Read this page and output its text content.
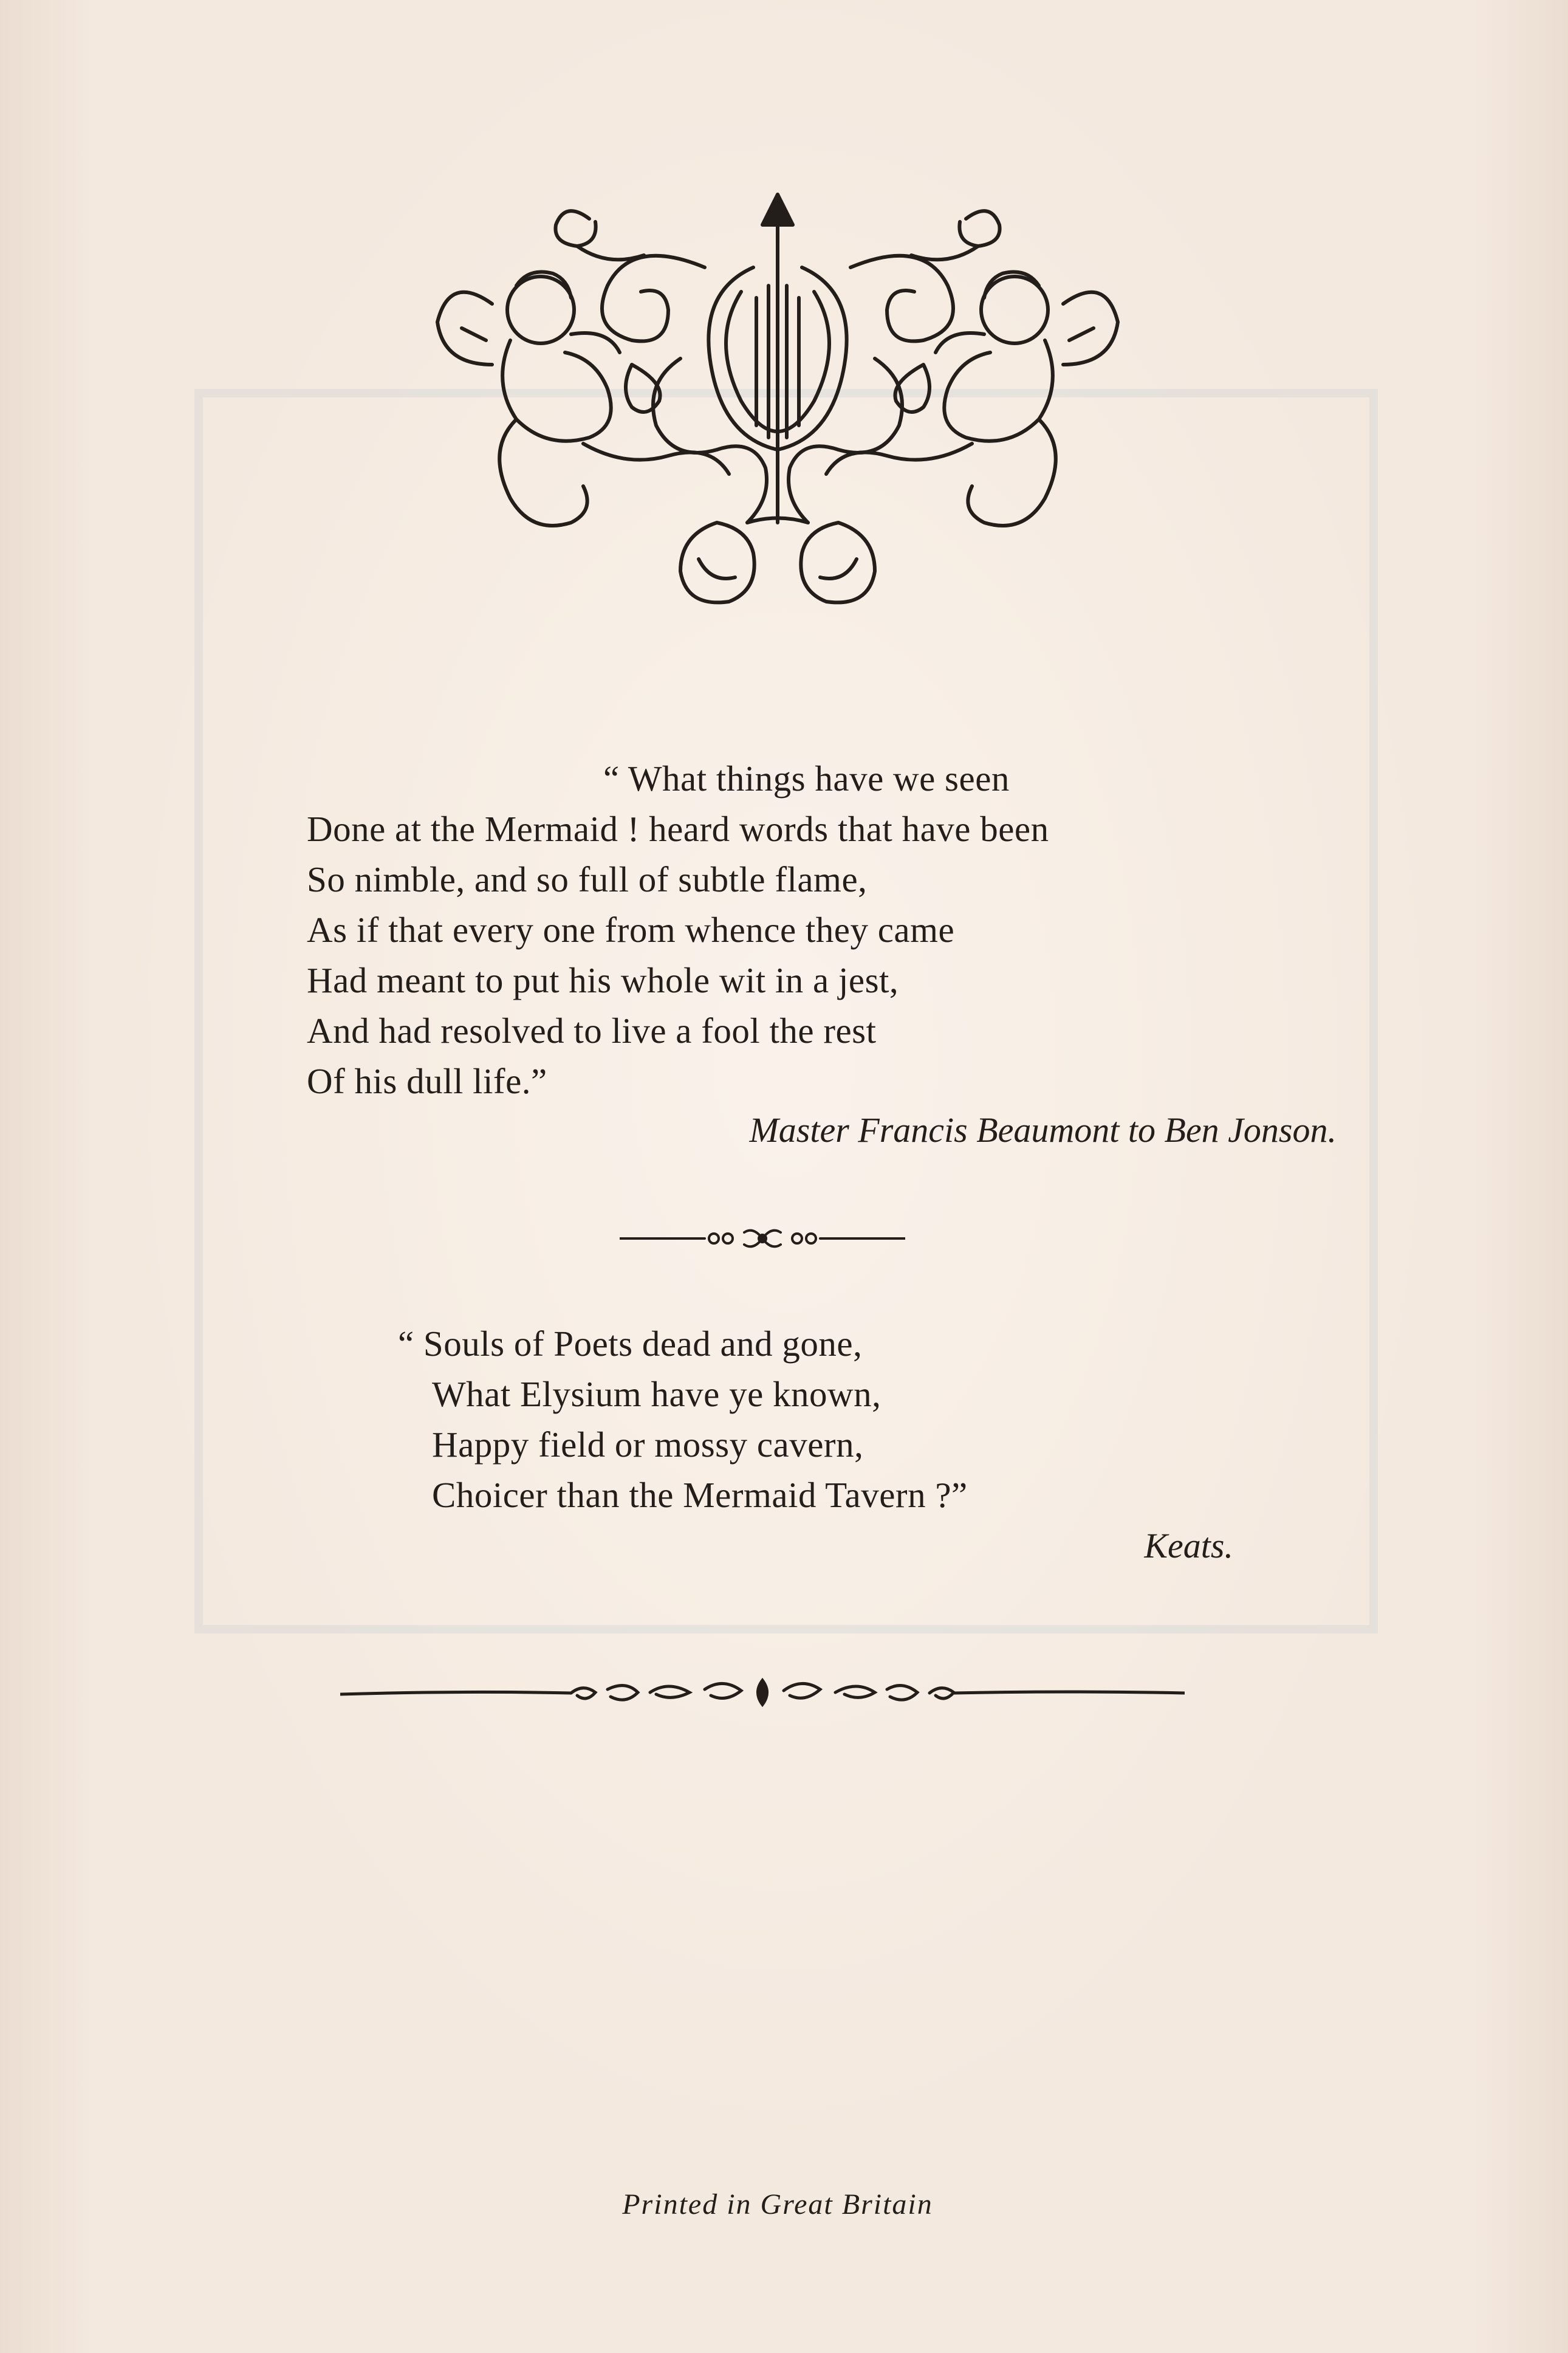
“ What things have we seen
Done at the Mermaid ! heard words that have been
So nimble, and so full of subtle flame,
As if that every one from whence they came
Had meant to put his whole wit in a jest,
And had resolved to live a fool the rest
Of his dull life.”
Master Francis Beaumont to Ben Jonson.
“ Souls of Poets dead and gone,
What Elysium have ye known,
Happy field or mossy cavern,
Choicer than the Mermaid Tavern ?”
Keats.
Printed in Great Britain
